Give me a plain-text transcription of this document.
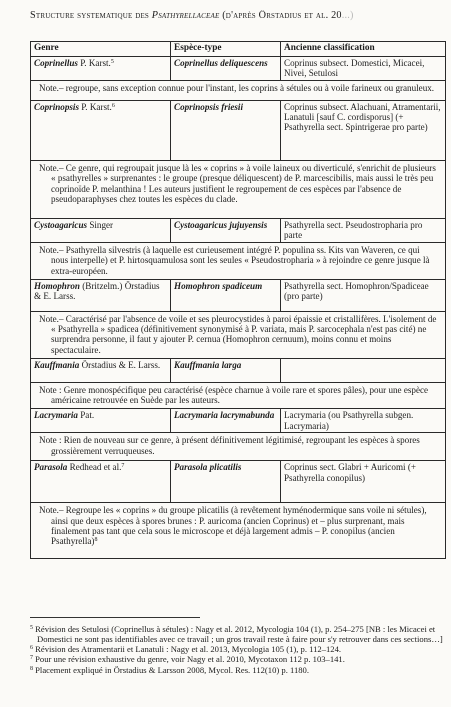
Structure systematique des Psathyrellaceae (d'après Örstadius et al. 20...)
Genre	Espèce-type	Ancienne classification
Coprinellus P. Karst.$^5$	Coprinellus deliquescens	Coprinus subsect. Domestici, Micacei, Nivei, Setulosi

Note.– regroupe, sans exception connue pour l'instant, les coprins à sétules ou à voile farineux ou granuleux.		

Coprinopsis P. Karst.$^6$	Coprinopsis friesii	Coprinus subsect. Alachuani, Atramentarii, Lanatuli [sauf C. cordisporus] (+ Psathyrella sect. Spintrigerae pro parte)

Note.– Ce genre, qui regroupait jusque là les « coprins » à voile laineux ou diverticulé, s'enrichit de plusieurs « psathyrelles » surprenantes : le groupe (presque déliquescent) de P. marcescibilis, mais aussi le très peu coprinoïde P. melanthina ! Les auteurs justifient le regroupement de ces espèces par l'absence de pseudoparaphyses chez toutes les espèces du clade.		

Cystoagaricus Singer	Cystoagaricus jujuyensis	Psathyrella sect. Pseudostropharia pro parte

Note.– Psathyrella silvestris (à laquelle est curieusement intégré P. populina ss. Kits van Waveren, ce qui nous interpelle) et P. hirtosquamulosa sont les seules « Pseudostropharia » à rejoindre ce genre jusque là extra-européen.		

Homophron (Britzelm.) Örstadius & E. Larss.	Homophron spadiceum	Psathyrella sect. Homophron/Spadiceae (pro parte)

Note.– Caractérisé par l'absence de voile et ses pleurocystides à paroi épaissie et cristallifères. L'isolement de « Psathyrella » spadicea (définitivement synonymisé à P. variata, mais P. sarcocephala n'est pas cité) ne surprendra personne, il faut y ajouter P. cernua (Homophron cernuum), moins connu et moins spectaculaire.		

Kauffmania Örstadius & E. Larss.	Kauffmania larga	

Note : Genre monospécifique peu caractérisé (espèce charnue à voile rare et spores pâles), pour une espèce américaine retrouvée en Suède par les auteurs.		

Lacrymaria Pat.	Lacrymaria lacrymabunda	Lacrymaria (ou Psathyrella subgen. Lacrymaria)

Note : Rien de nouveau sur ce genre, à présent définitivement légitimisé, regroupant les espèces à spores grossièrement verruqueuses.		

Parasola Redhead et al.$^7$	Parasola plicatilis	Coprinus sect. Glabri + Auricomi (+ Psathyrella conopilus)

Note.– Regroupe les « coprins » du groupe plicatilis (à revêtement hyménodermique sans voile ni sétules), ainsi que deux espèces à spores brunes : P. auricoma (ancien Coprinus) et – plus surprenant, mais finalement pas tant que cela sous le microscope et déjà largement admis – P. conopilus (ancien Psathyrella)$^8$
$^5$ Révision des Setulosi (Coprinellus à sétules) : Nagy et al. 2012, Mycologia 104 (1), p. 254–275 [NB : les Micacei et Domestici ne sont pas identifiables avec ce travail ; un gros travail reste à faire pour s'y retrouver dans ces sections…]
$^6$ Révision des Atramentarii et Lanatuli : Nagy et al. 2013, Mycologia 105 (1), p. 112–124.
$^7$ Pour une révision exhaustive du genre, voir Nagy et al. 2010, Mycotaxon 112 p. 103–141.
$^8$ Placement expliqué in Örstadius & Larsson 2008, Mycol. Res. 112(10) p. 1180.
